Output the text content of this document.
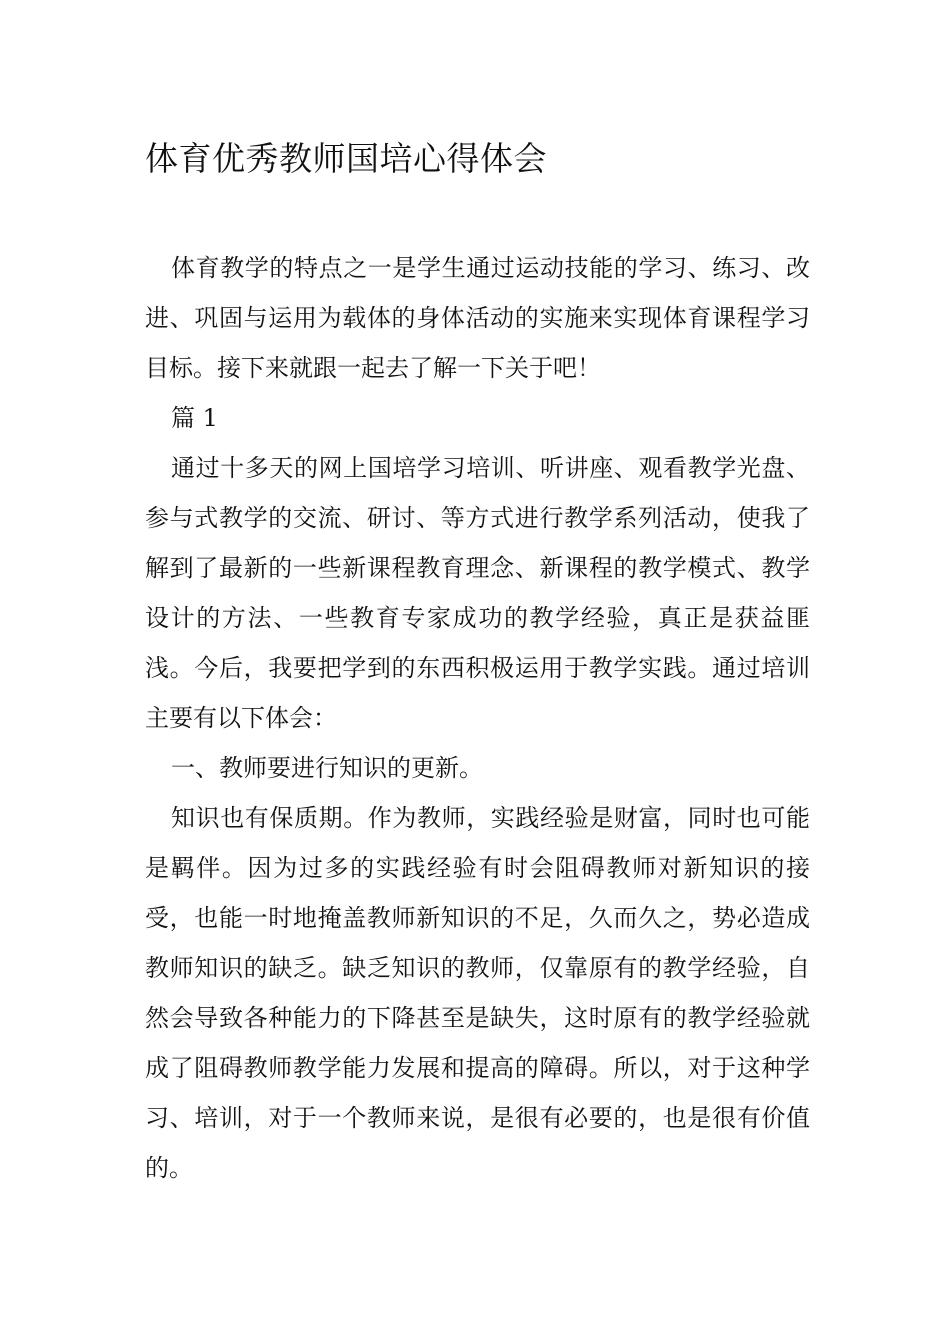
体育优秀教师国培心得体会

体育教学的特点之一是学生通过运动技能的学习、练习、改进、巩固与运用为载体的身体活动的实施来实现体育课程学习目标。接下来就跟一起去了解一下关于吧！

篇 1

通过十多天的网上国培学习培训、听讲座、观看教学光盘、参与式教学的交流、研讨、等方式进行教学系列活动，使我了解到了最新的一些新课程教育理念、新课程的教学模式、教学设计的方法、一些教育专家成功的教学经验，真正是获益匪浅。今后，我要把学到的东西积极运用于教学实践。通过培训主要有以下体会：

一、教师要进行知识的更新。

知识也有保质期。作为教师，实践经验是财富，同时也可能是羁伴。因为过多的实践经验有时会阻碍教师对新知识的接受，也能一时地掩盖教师新知识的不足，久而久之，势必造成教师知识的缺乏。缺乏知识的教师，仅靠原有的教学经验，自然会导致各种能力的下降甚至是缺失，这时原有的教学经验就成了阻碍教师教学能力发展和提高的障碍。所以，对于这种学习、培训，对于一个教师来说，是很有必要的，也是很有价值的。
